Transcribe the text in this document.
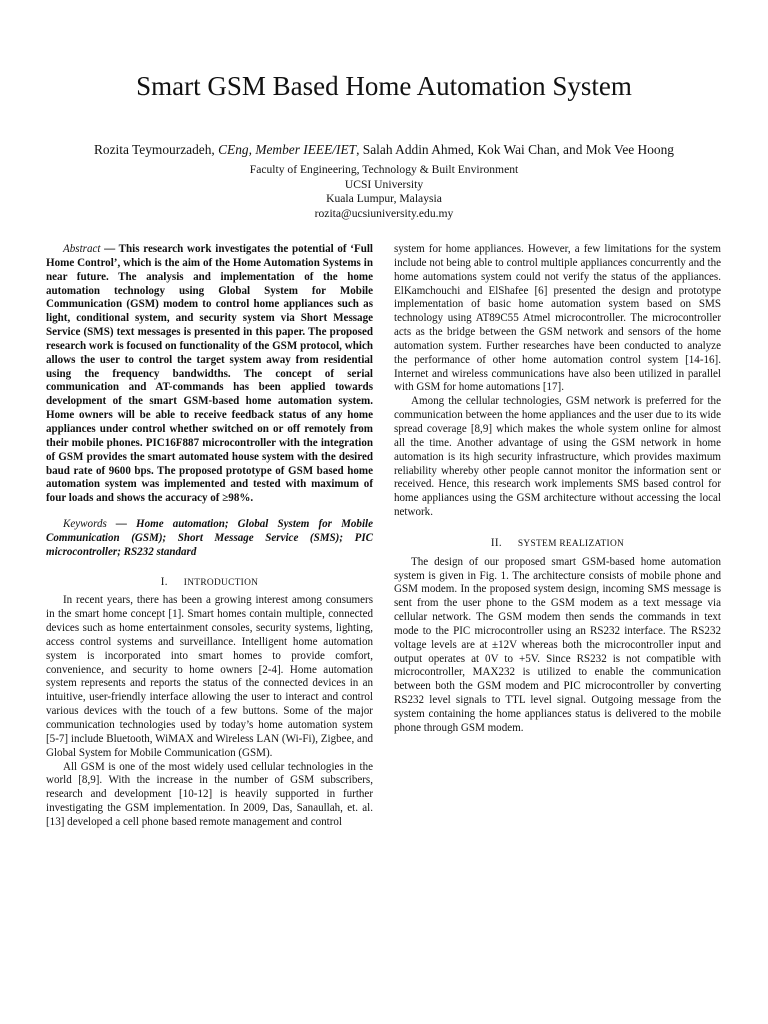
Smart GSM Based Home Automation System
Rozita Teymourzadeh, CEng, Member IEEE/IET, Salah Addin Ahmed, Kok Wai Chan, and Mok Vee Hoong
Faculty of Engineering, Technology & Built Environment
UCSI University
Kuala Lumpur, Malaysia
rozita@ucsiuniversity.edu.my

Abstract — This research work investigates the potential of ‘Full Home Control’, which is the aim of the Home Automation Systems in near future. The analysis and implementation of the home automation technology using Global System for Mobile Communication (GSM) modem to control home appliances such as light, conditional system, and security system via Short Message Service (SMS) text messages is presented in this paper. The proposed research work is focused on functionality of the GSM protocol, which allows the user to control the target system away from residential using the frequency bandwidths. The concept of serial communication and AT-commands has been applied towards development of the smart GSM-based home automation system. Home owners will be able to receive feedback status of any home appliances under control whether switched on or off remotely from their mobile phones. PIC16F887 microcontroller with the integration of GSM provides the smart automated house system with the desired baud rate of 9600 bps. The proposed prototype of GSM based home automation system was implemented and tested with maximum of four loads and shows the accuracy of ≥98%.

Keywords — Home automation; Global System for Mobile Communication (GSM); Short Message Service (SMS); PIC microcontroller; RS232 standard

I. INTRODUCTION

In recent years, there has been a growing interest among consumers in the smart home concept [1]. Smart homes contain multiple, connected devices such as home entertainment consoles, security systems, lighting, access control systems and surveillance. Intelligent home automation system is incorporated into smart homes to provide comfort, convenience, and security to home owners [2-4]. Home automation system represents and reports the status of the connected devices in an intuitive, user-friendly interface allowing the user to interact and control various devices with the touch of a few buttons. Some of the major communication technologies used by today’s home automation system [5-7] include Bluetooth, WiMAX and Wireless LAN (Wi-Fi), Zigbee, and Global System for Mobile Communication (GSM).

All GSM is one of the most widely used cellular technologies in the world [8,9]. With the increase in the number of GSM subscribers, research and development [10-12] is heavily supported in further investigating the GSM implementation. In 2009, Das, Sanaullah, et. al. [13] developed a cell phone based remote management and control

system for home appliances. However, a few limitations for the system include not being able to control multiple appliances concurrently and the home automations system could not verify the status of the appliances. ElKamchouchi and ElShafee [6] presented the design and prototype implementation of basic home automation system based on SMS technology using AT89C55 Atmel microcontroller. The microcontroller acts as the bridge between the GSM network and sensors of the home automation system. Further researches have been conducted to analyze the performance of other home automation control system [14-16]. Internet and wireless communications have also been utilized in parallel with GSM for home automations [17].

Among the cellular technologies, GSM network is preferred for the communication between the home appliances and the user due to its wide spread coverage [8,9] which makes the whole system online for almost all the time. Another advantage of using the GSM network in home automation is its high security infrastructure, which provides maximum reliability whereby other people cannot monitor the information sent or received. Hence, this research work implements SMS based control for home appliances using the GSM architecture without accessing the local network.

II. SYSTEM REALIZATION

The design of our proposed smart GSM-based home automation system is given in Fig. 1. The architecture consists of mobile phone and GSM modem. In the proposed system design, incoming SMS message is sent from the user phone to the GSM modem as a text message via cellular network. The GSM modem then sends the commands in text mode to the PIC microcontroller using an RS232 interface. The RS232 voltage levels are at ±12V whereas both the microcontroller input and output operates at 0V to +5V. Since RS232 is not compatible with microcontroller, MAX232 is utilized to enable the communication between both the GSM modem and PIC microcontroller by converting RS232 level signals to TTL level signal. Outgoing message from the system containing the home appliances status is delivered to the mobile phone through GSM modem.
